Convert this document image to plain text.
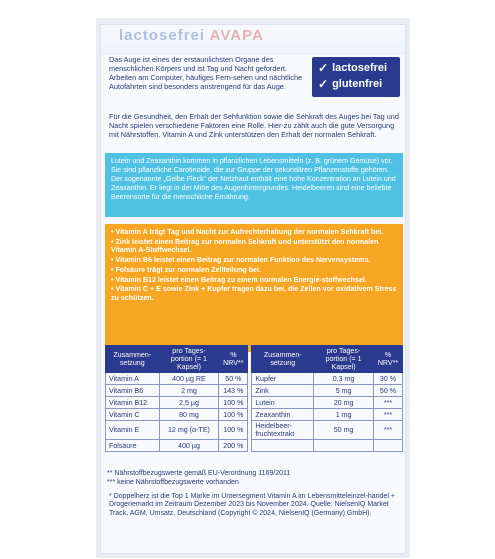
lactosefrei AVAPA
Das Auge ist eines der erstaunlichsten Organe des menschlichen Körpers und ist Tag und Nacht gefordert. Arbeiten am Computer, häufiges Fern-sehen und nächtliche Autofahrten sind besonders anstrengend für das Auge.
✓ lactosefrei
✓ glutenfrei
Für die Gesundheit, den Erhalt der Sehfunktion sowie die Sehkraft des Auges bei Tag und Nacht spielen verschiedene Faktoren eine Rolle. Hier-zu zählt auch die gute Versorgung mit Nährstoffen. Vitamin A und Zink unterstützen den Erhalt der normalen Sehkraft.
Lutein und Zeaxanthin kommen in pflanzlichen Lebensmitteln (z. B. grünem Gemüse) vor. Sie sind pflanzliche Carotinoide, die zur Gruppe der sekundären Pflanzenstoffe gehören. Der sogenannte „Gelbe Fleck“ der Netzhaut enthält eine hohe Konzentration an Lutein und Zeaxanthin. Er liegt in der Mitte des Augenhintergrundes. Heidelbeeren sind eine beliebte Beerensorte für die menschliche Ernährung.
• Vitamin A trägt Tag und Nacht zur Aufrechterhaltung der normalen Sehkraft bei.
• Zink leistet einen Beitrag zur normalen Sehkraft und unterstützt den normalen Vitamin A-Stoffwechsel.
• Vitamin B6 leistet einen Beitrag zur normalen Funktion des Nervensystems.
• Folsäure trägt zur normalen Zellteilung bei.
• Vitamin B12 leistet einen Beitrag zu einem normalen Energie-stoffwechsel.
• Vitamin C + E sowie Zink + Kupfer tragen dazu bei, die Zellen vor oxidativem Stress zu schützen.
Zusammen-setzung	pro Tages-portion (= 1 Kapsel)	% NRV**		Zusammen-setzung	pro Tages-portion (= 1 Kapsel)	% NRV**
Vitamin A	400 µg RE	50 %		Kupfer	0,3 mg	30 %
Vitamin B6	2 mg	143 %		Zink	5 mg	50 %
Vitamin B12	2,5 µg	100 %		Lutein	20 mg	***
Vitamin C	80 mg	100 %		Zeaxanthin	1 mg	***
Vitamin E	12 mg (α-TE)	100 %		Heidelbeer-fruchtextrakt	50 mg	***
Folsäure	400 µg	200 %				
** Nährstoffbezugswerte gemäß EU-Verordnung 1169/2011
*** keine Nährstoffbezugswerte vorhanden
* Doppelherz ist die Top 1 Marke im Untersegment Vitamin A im Lebensmitteleinzel-handel + Drogeriemarkt im Zeitraum Dezember 2023 bis November 2024. Quelle: NielsenIQ Market Track, AGM, Umsatz, Deutschland (Copyright © 2024, NielsenIQ (Germany) GmbH).
